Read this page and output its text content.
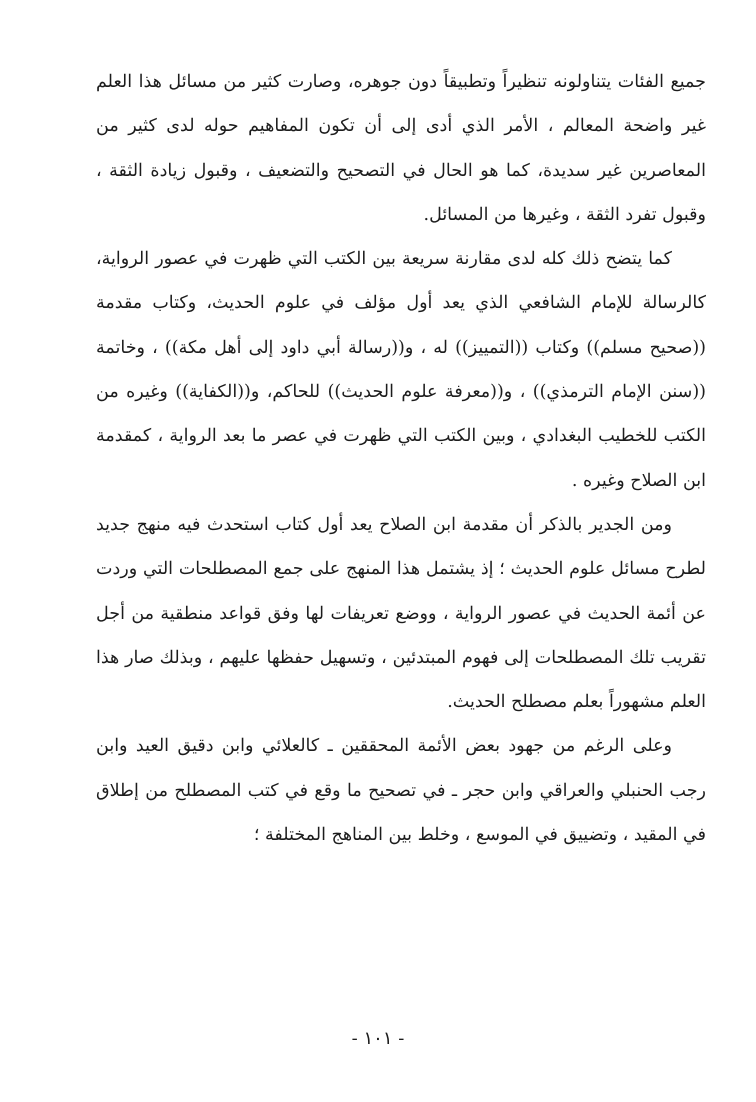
جميع الفئات يتناولونه تنظيراً وتطبيقاً دون جوهره، وصارت كثير من مسائل هذا العلم غير واضحة المعالم ، الأمر الذي أدى إلى أن تكون المفاهيم حوله لدى كثير من المعاصرين غير سديدة، كما هو الحال في التصحيح والتضعيف ، وقبول زيادة الثقة ، وقبول تفرد الثقة ، وغيرها من المسائل.

كما يتضح ذلك كله لدى مقارنة سريعة بين الكتب التي ظهرت في عصور الرواية، كالرسالة للإمام الشافعي الذي يعد أول مؤلف في علوم الحديث، وكتاب مقدمة ((صحيح مسلم)) وكتاب ((التمييز)) له ، و((رسالة أبي داود إلى أهل مكة)) ، وخاتمة ((سنن الإمام الترمذي)) ، و((معرفة علوم الحديث)) للحاكم، و((الكفاية)) وغيره من الكتب للخطيب البغدادي ، وبين الكتب التي ظهرت في عصر ما بعد الرواية ، كمقدمة ابن الصلاح وغيره .

ومن الجدير بالذكر أن مقدمة ابن الصلاح يعد أول كتاب استحدث فيه منهج جديد لطرح مسائل علوم الحديث ؛ إذ يشتمل هذا المنهج على جمع المصطلحات التي وردت عن أئمة الحديث في عصور الرواية ، ووضع تعريفات لها وفق قواعد منطقية من أجل تقريب تلك المصطلحات إلى فهوم المبتدئين ، وتسهيل حفظها عليهم ، وبذلك صار هذا العلم مشهوراً بعلم مصطلح الحديث.

وعلى الرغم من جهود بعض الأئمة المحققين ـ كالعلائي وابن دقيق العيد وابن رجب الحنبلي والعراقي وابن حجر ـ في تصحيح ما وقع في كتب المصطلح من إطلاق في المقيد ، وتضييق في الموسع ، وخلط بين المناهج المختلفة ؛

- ١٠١ -
